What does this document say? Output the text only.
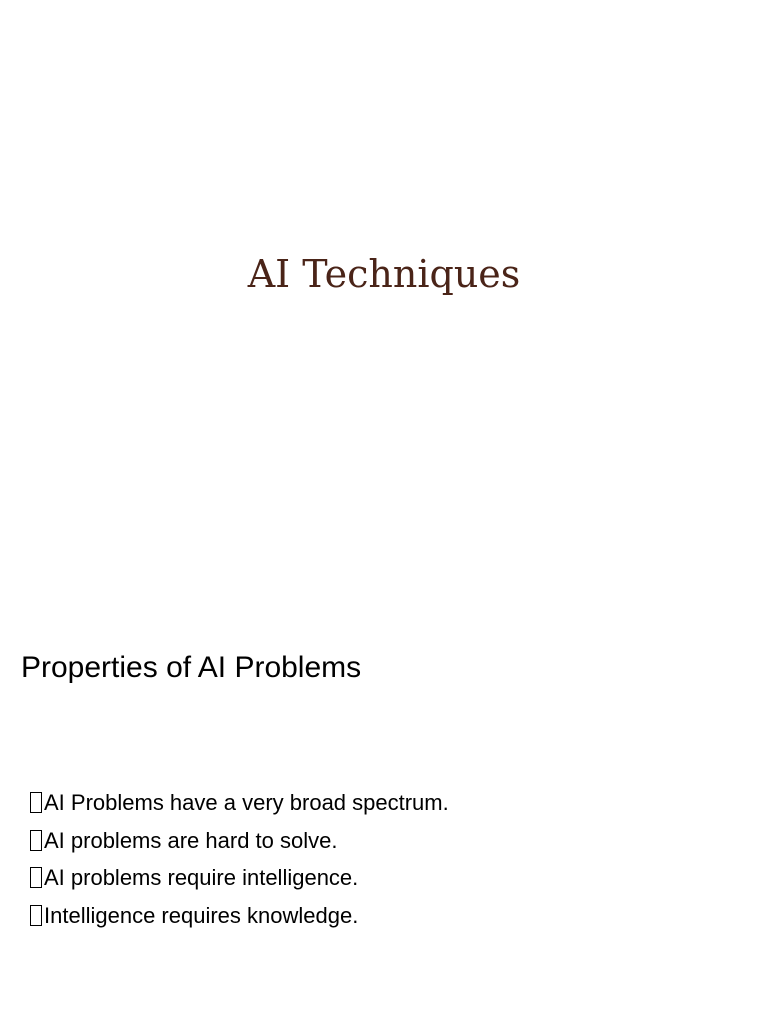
AI Techniques
Properties of AI Problems
AI Problems have a very broad spectrum.
AI problems are hard to solve.
AI problems require intelligence.
Intelligence requires knowledge.
